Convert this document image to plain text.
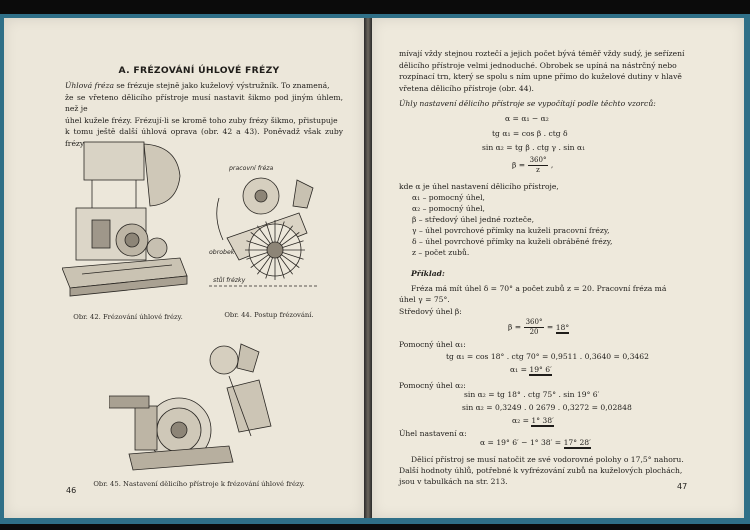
A. FRÉZOVÁNÍ ÚHLOVÉ FRÉZY
Úhlová fréza se frézuje stejně jako kuželový výstružník. To znamená,
že se vřeteno dělicího přístroje musí nastavit šikmo pod jiným úhlem, než je
úhel kužele frézy. Frézují-li se kromě toho zuby frézy šikmo, přistupuje
k tomu ještě další úhlová oprava (obr. 42 a 43). Poněvadž však zuby frézy
Obr. 42. Frézování úhlové frézy.
pracovní fréza
obrobek
stůl frézky
Obr. 44. Postup frézování.
Obr. 45. Nastavení dělicího přístroje k frézování úhlové frézy.
46
mívají vždy stejnou roztečí a jejich počet bývá téměř vždy sudý, je seřízení
dělicího přístroje velmi jednoduché. Obrobek se upíná na nástrčný nebo
rozpínací trn, který se spolu s ním upne přímo do kuželové dutiny v hlavě
vřetena dělicího přístroje (obr. 44).
Úhly nastavení dělicího přístroje se vypočítají podle těchto vzorců:
α = α₁ − α₂
tg α₁ = cos β . ctg δ
sin α₂ = tg β . ctg γ . sin α₁
$\beta = \frac{360^\circ}{z}$ ,
kde α je úhel nastavení dělicího přístroje,
α₁ – pomocný úhel,
α₂ – pomocný úhel,
β – středový úhel jedné rozteče,
γ – úhel povrchové přímky na kuželi pracovní frézy,
δ – úhel povrchové přímky na kuželi obráběné frézy,
z – počet zubů.
Příklad:
Fréza má mít úhel δ = 70° a počet zubů z = 20. Pracovní fréza má
úhel γ = 75°.
Středový úhel β:
$\beta = \frac{360^\circ}{20} = 18^\circ$
Pomocný úhel α₁:
tg α₁ = cos 18° . ctg 70° = 0,9511 . 0,3640 = 0,3462
α₁ = 19° 6′
Pomocný úhel α₂:
sin α₂ = tg 18° . ctg 75° . sin 19° 6′
sin α₂ = 0,3249 . 0 2679 . 0,3272 = 0,02848
α₂ = 1° 38′
Úhel nastavení α:
α = 19° 6′ − 1° 38′ = 17° 28′
Dělicí přístroj se musí natočit ze své vodorovné polohy o 17,5° nahoru.
Další hodnoty úhlů, potřebné k vyfrézování zubů na kuželových plochách,
jsou v tabulkách na str. 213.
47
